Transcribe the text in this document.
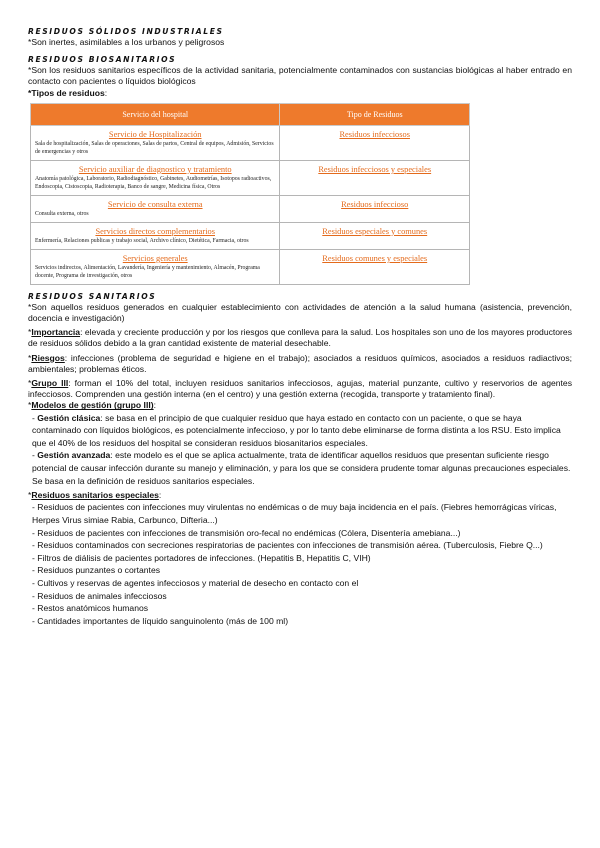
RESIDUOS SÓLIDOS INDUSTRIALES

*Son inertes, asimilables a los urbanos y peligrosos

RESIDUOS BIOSANITARIOS

*Son los residuos sanitarios específicos de la actividad sanitaria, potencialmente contaminados con sustancias biológicas al haber entrado en contacto con pacientes o líquidos biológicos

*Tipos de residuos:

Servicio del hospital	Tipo de Residuos

Servicio de Hospitalización
Sala de hospitalización, Salas de operaciones, Salas de partos, Central de equipos, Admisión, Servicios de emergencias y otros	Residuos infecciosos

Servicio auxiliar de diagnostico y tratamiento
Anatomía patológica, Laboratorio, Radiodiagnóstico, Gabinetes, Audiometrías, Isotopos radioactivos, Endoscopia, Cistoscopia, Radioterapia, Banco de sangre, Medicina física, Otros	Residuos infecciosos y especiales

Servicio de consulta externa
Consulta externa, otros	Residuos infeccioso

Servicios directos complementarios
Enfermería, Relaciones publicas y trabajo social, Archivo clínico, Dietética, Farmacia, otros	Residuos especiales y comunes

Servicios generales
Servicios indirectos, Alimentación, Lavandería, Ingeniería y mantenimiento, Almacén, Programa docente, Programa de investigación, otros	Residuos comunes y especiales

RESIDUOS SANITARIOS

*Son aquellos residuos generados en cualquier establecimiento con actividades de atención a la salud humana (asistencia, prevención, docencia e investigación)

*Importancia: elevada y creciente producción y por los riesgos que conlleva para la salud. Los hospitales son uno de los mayores productores de residuos sólidos debido a la gran cantidad existente de material desechable.

*Riesgos: infecciones (problema de seguridad e higiene en el trabajo); asociados a residuos químicos, asociados a residuos radiactivos; ambientales; problemas éticos.

*Grupo III: forman el 10% del total, incluyen residuos sanitarios infecciosos, agujas, material punzante, cultivo y reservorios de agentes infecciosos. Comprenden una gestión interna (en el centro) y una gestión externa (recogida, transporte y tratamiento final).

*Modelos de gestión (grupo III):

- Gestión clásica: se basa en el principio de que cualquier residuo que haya estado en contacto con un paciente, o que se haya contaminado con líquidos biológicos, es potencialmente infeccioso, y por lo tanto debe eliminarse de forma distinta a los RSU. Esto implica que el 40% de los residuos del hospital se consideran residuos biosanitarios especiales.

- Gestión avanzada: este modelo es el que se aplica actualmente, trata de identificar aquellos residuos que presentan suficiente riesgo potencial de causar infección durante su manejo y eliminación, y para los que se considera prudente tomar algunas precauciones especiales. Se basa en la definición de residuos sanitarios especiales.

*Residuos sanitarios especiales:

- Residuos de pacientes con infecciones muy virulentas no endémicas o de muy baja incidencia en el país. (Fiebres hemorrágicas víricas, Herpes Virus simiae Rabia, Carbunco, Difteria...)

- Residuos de pacientes con infecciones de transmisión oro-fecal no endémicas (Cólera, Disentería amebiana...)

- Residuos contaminados con secreciones respiratorias de pacientes con infecciones de transmisión aérea. (Tuberculosis, Fiebre Q...)

- Filtros de diálisis de pacientes portadores de infecciones. (Hepatitis B, Hepatitis C, VIH)

- Residuos punzantes o cortantes

- Cultivos y reservas de agentes infecciosos y material de desecho en contacto con el

- Residuos de animales infecciosos

- Restos anatómicos humanos

- Cantidades importantes de líquido sanguinolento (más de 100 ml)
